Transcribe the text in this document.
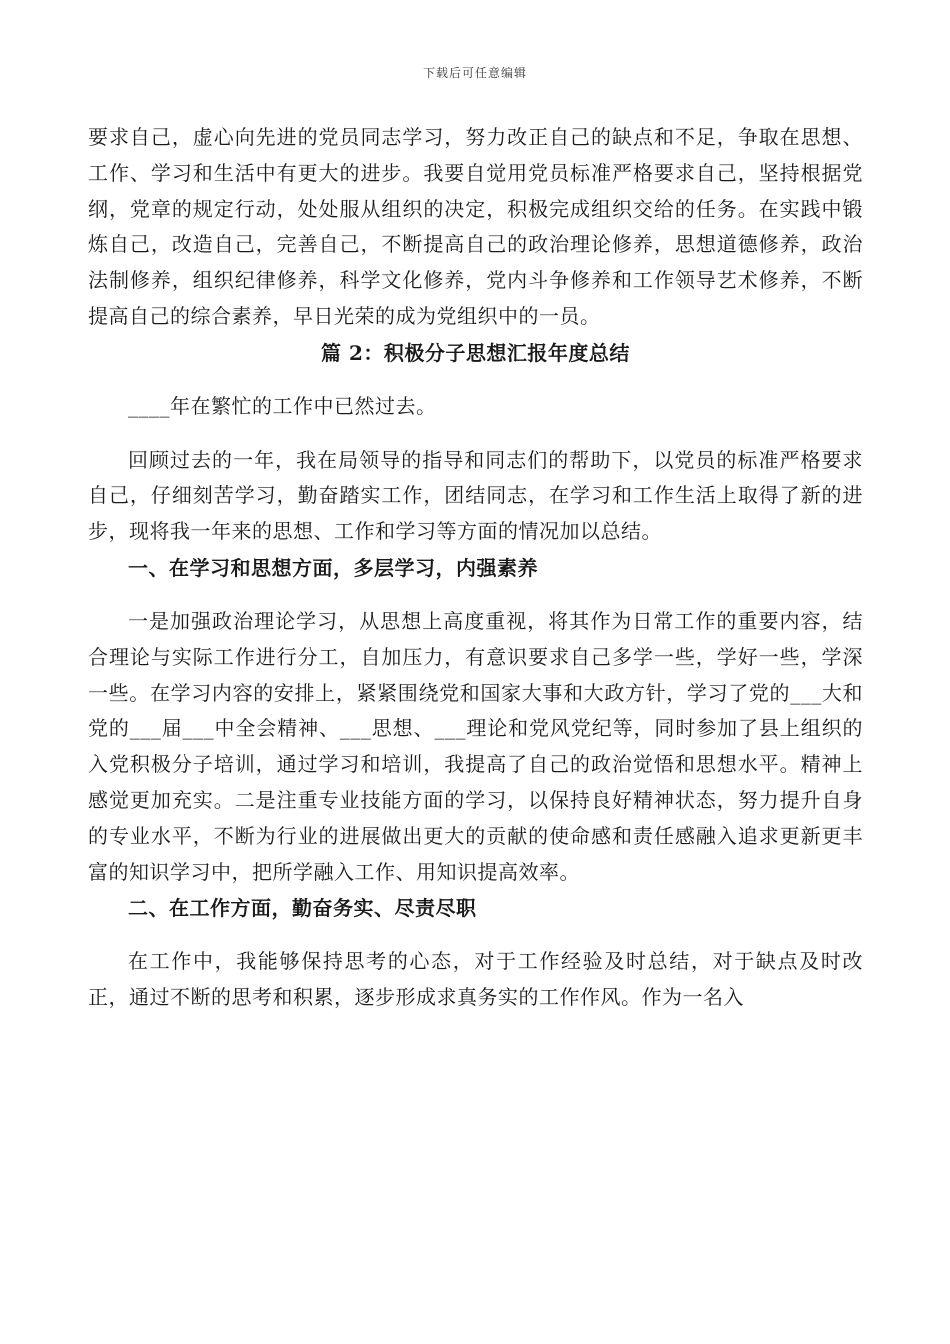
下载后可任意编辑

要求自己，虚心向先进的党员同志学习，努力改正自己的缺点和不足，争取在思想、工作、学习和生活中有更大的进步。我要自觉用党员标准严格要求自己，坚持根据党纲，党章的规定行动，处处服从组织的决定，积极完成组织交给的任务。在实践中锻炼自己，改造自己，完善自己，不断提高自己的政治理论修养，思想道德修养，政治法制修养，组织纪律修养，科学文化修养，党内斗争修养和工作领导艺术修养，不断提高自己的综合素养，早日光荣的成为党组织中的一员。

篇 2：积极分子思想汇报年度总结

____年在繁忙的工作中已然过去。

回顾过去的一年，我在局领导的指导和同志们的帮助下，以党员的标准严格要求自己，仔细刻苦学习，勤奋踏实工作，团结同志，在学习和工作生活上取得了新的进步，现将我一年来的思想、工作和学习等方面的情况加以总结。

一、在学习和思想方面，多层学习，内强素养

一是加强政治理论学习，从思想上高度重视，将其作为日常工作的重要内容，结合理论与实际工作进行分工，自加压力，有意识要求自己多学一些，学好一些，学深一些。在学习内容的安排上，紧紧围绕党和国家大事和大政方针，学习了党的___大和党的___届___中全会精神、___思想、___理论和党风党纪等，同时参加了县上组织的入党积极分子培训，通过学习和培训，我提高了自己的政治觉悟和思想水平。精神上感觉更加充实。二是注重专业技能方面的学习，以保持良好精神状态，努力提升自身的专业水平，不断为行业的进展做出更大的贡献的使命感和责任感融入追求更新更丰富的知识学习中，把所学融入工作、用知识提高效率。

二、在工作方面，勤奋务实、尽责尽职

在工作中，我能够保持思考的心态，对于工作经验及时总结，对于缺点及时改正，通过不断的思考和积累，逐步形成求真务实的工作作风。作为一名入
